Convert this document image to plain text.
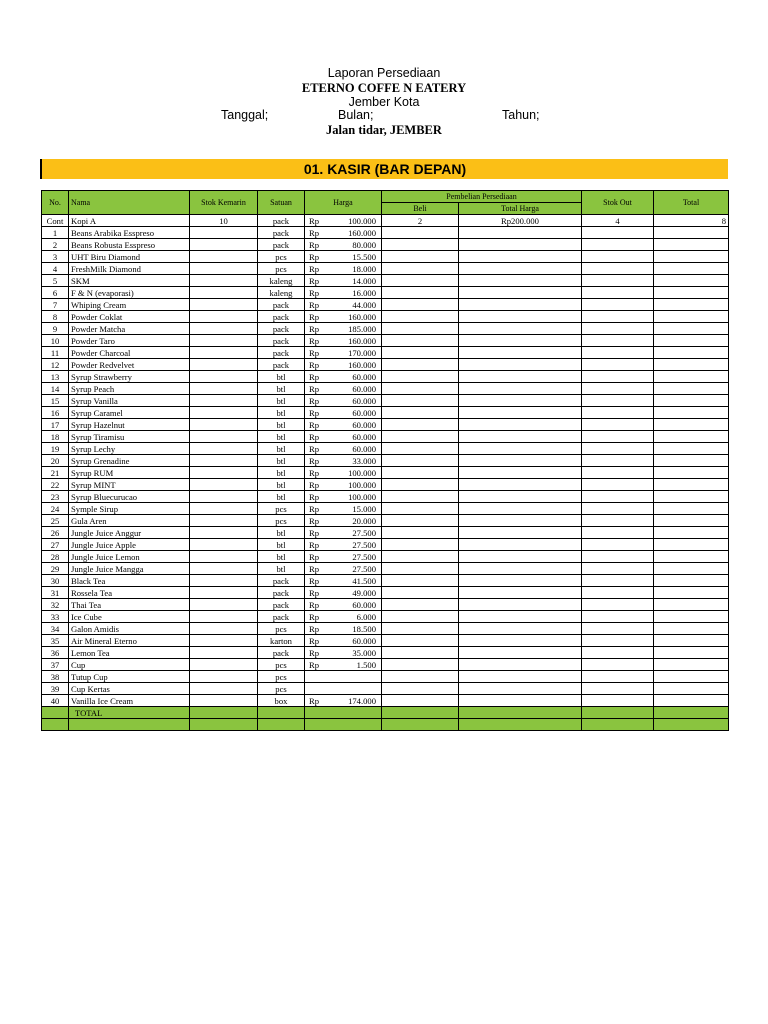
Laporan Persediaan
ETERNO COFFE N EATERY
Jember Kota
Tanggal;	Bulan;	Tahun;
Jalan tidar, JEMBER
01. KASIR (BAR DEPAN)
No.	Nama	Stok Kemarin	Satuan	Harga		Pembelian Persediaan		Stok Out	Total
						Beli	Total Harga		
Cont	Kopi A	10	pack	Rp	100.000	2	Rp200.000	4	8
1	Beans Arabika Esspreso		pack	Rp	160.000				
2	Beans Robusta Esspreso		pack	Rp	80.000				
3	UHT Biru Diamond		pcs	Rp	15.500				
4	FreshMilk Diamond		pcs	Rp	18.000				
5	SKM		kaleng	Rp	14.000				
6	F & N (evaporasi)		kaleng	Rp	16.000				
7	Whiping Cream		pack	Rp	44.000				
8	Powder Coklat		pack	Rp	160.000				
9	Powder Matcha		pack	Rp	185.000				
10	Powder Taro		pack	Rp	160.000				
11	Powder Charcoal		pack	Rp	170.000				
12	Powder Redvelvet		pack	Rp	160.000				
13	Syrup Strawberry		btl	Rp	60.000				
14	Syrup Peach		btl	Rp	60.000				
15	Syrup Vanilla		btl	Rp	60.000				
16	Syrup Caramel		btl	Rp	60.000				
17	Syrup Hazelnut		btl	Rp	60.000				
18	Syrup Tiramisu		btl	Rp	60.000				
19	Syrup Lechy		btl	Rp	60.000				
20	Syrup Grenadine		btl	Rp	33.000				
21	Syrup RUM		btl	Rp	100.000				
22	Syrup MINT		btl	Rp	100.000				
23	Syrup Bluecurucao		btl	Rp	100.000				
24	Symple Sirup		pcs	Rp	15.000				
25	Gula Aren		pcs	Rp	20.000				
26	Jungle Juice Anggur		btl	Rp	27.500				
27	Jungle Juice Apple		btl	Rp	27.500				
28	Jungle Juice Lemon		btl	Rp	27.500				
29	Jungle Juice Mangga		btl	Rp	27.500				
30	Black Tea		pack	Rp	41.500				
31	Rossela Tea		pack	Rp	49.000				
32	Thai Tea		pack	Rp	60.000				
33	Ice Cube		pack	Rp	6.000				
34	Galon Amidis		pcs	Rp	18.500				
35	Air Mineral Eterno		karton	Rp	60.000				
36	Lemon Tea		pack	Rp	35.000				
37	Cup		pcs	Rp	1.500				
38	Tutup Cup		pcs						
39	Cup Kertas		pcs						
40	Vanilla Ice Cream		box	Rp	174.000				
	TOTAL								
